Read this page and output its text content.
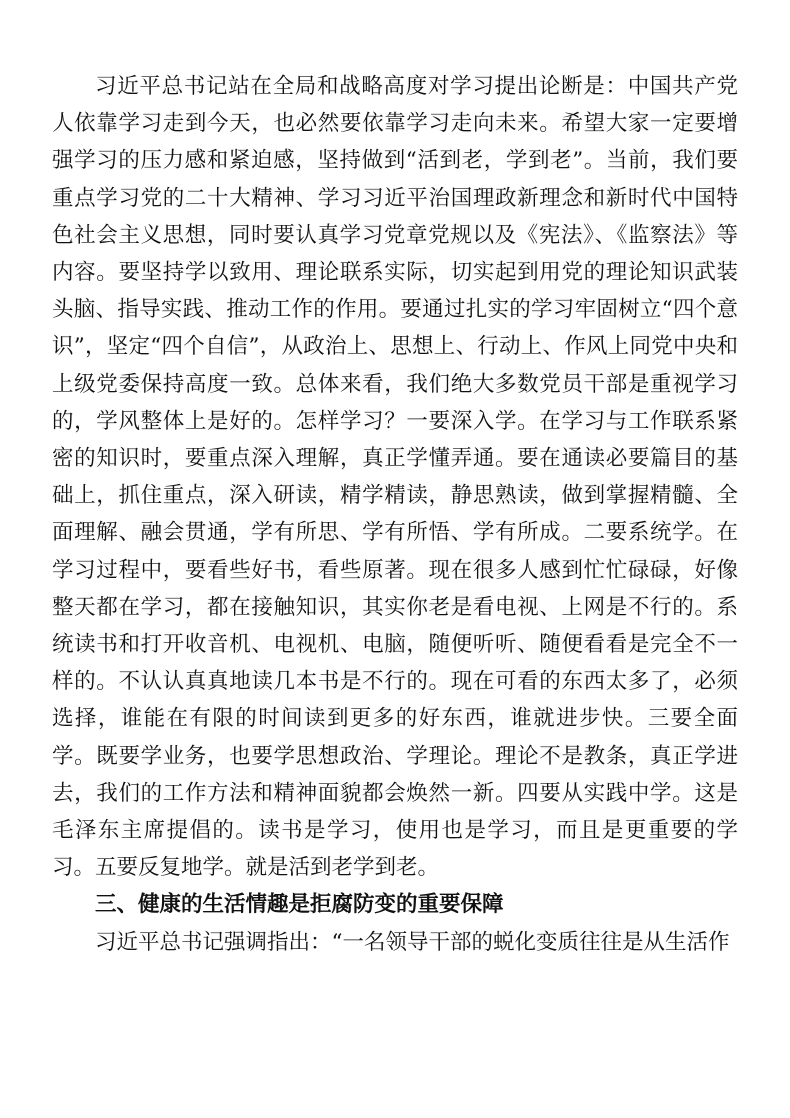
习近平总书记站在全局和战略高度对学习提出论断是：中国共产党人依靠学习走到今天，也必然要依靠学习走向未来。希望大家一定要增强学习的压力感和紧迫感，坚持做到“活到老，学到老”。当前，我们要重点学习党的二十大精神、学习习近平治国理政新理念和新时代中国特色社会主义思想，同时要认真学习党章党规以及《宪法》、《监察法》等内容。要坚持学以致用、理论联系实际，切实起到用党的理论知识武装头脑、指导实践、推动工作的作用。要通过扎实的学习牢固树立“四个意识”，坚定“四个自信”，从政治上、思想上、行动上、作风上同党中央和上级党委保持高度一致。总体来看，我们绝大多数党员干部是重视学习的，学风整体上是好的。怎样学习？一要深入学。在学习与工作联系紧密的知识时，要重点深入理解，真正学懂弄通。要在通读必要篇目的基础上，抓住重点，深入研读，精学精读，静思熟读，做到掌握精髓、全面理解、融会贯通，学有所思、学有所悟、学有所成。二要系统学。在学习过程中，要看些好书，看些原著。现在很多人感到忙忙碌碌，好像整天都在学习，都在接触知识，其实你老是看电视、上网是不行的。系统读书和打开收音机、电视机、电脑，随便听听、随便看看是完全不一样的。不认认真真地读几本书是不行的。现在可看的东西太多了，必须选择，谁能在有限的时间读到更多的好东西，谁就进步快。三要全面学。既要学业务，也要学思想政治、学理论。理论不是教条，真正学进去，我们的工作方法和精神面貌都会焕然一新。四要从实践中学。这是毛泽东主席提倡的。读书是学习，使用也是学习，而且是更重要的学习。五要反复地学。就是活到老学到老。

三、健康的生活情趣是拒腐防变的重要保障

习近平总书记强调指出：“一名领导干部的蜕化变质往往是从生活作
